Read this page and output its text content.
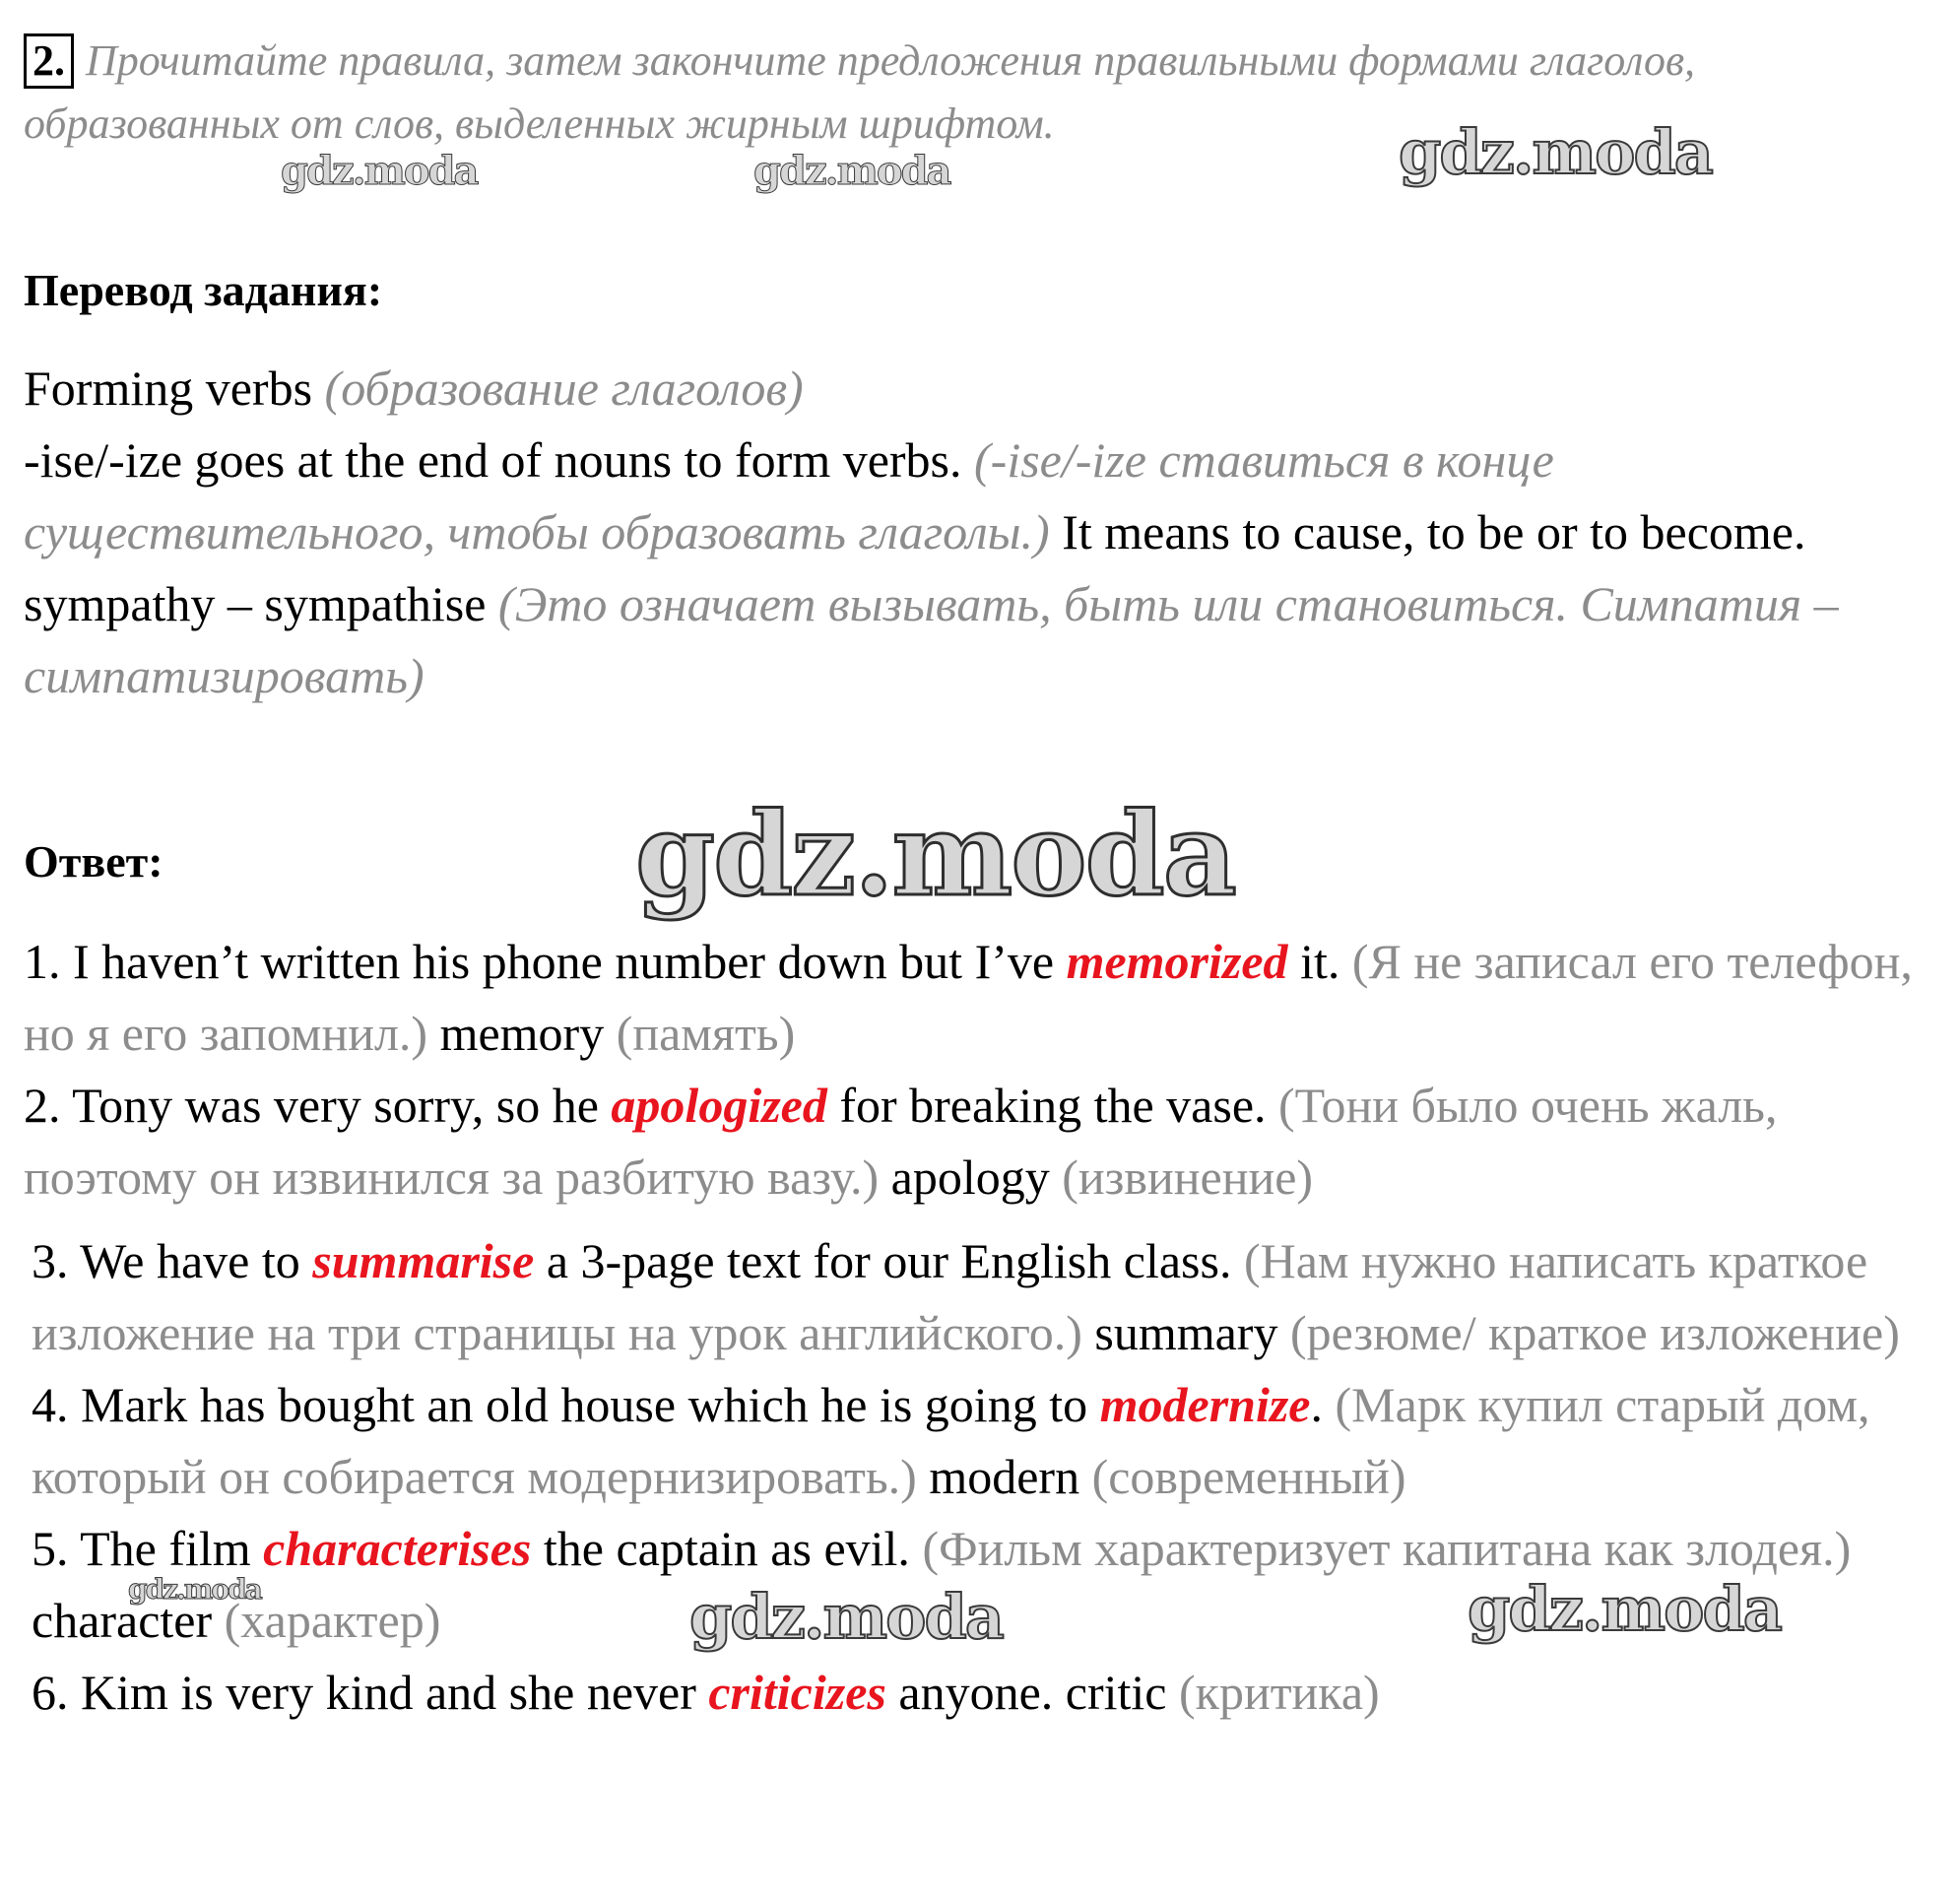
2. Прочитайте правила, затем закончите предложения правильными формами глаголов, образованных от слов, выделенных жирным шрифтом.
Перевод задания:
Forming verbs (образование глаголов)
-ise/-ize goes at the end of nouns to form verbs. (-ise/-ize ставиться в конце существительного, чтобы образовать глаголы.) It means to cause, to be or to become. sympathy – sympathise (Это означает вызывать, быть или становиться. Симпатия – симпатизировать)
Ответ:

1. I haven’t written his phone number down but I’ve memorized it. (Я не записал его телефон, но я его запомнил.) memory (память)

2. Tony was very sorry, so he apologized for breaking the vase. (Тони было очень жаль, поэтому он извинился за разбитую вазу.) apology (извинение)

3. We have to summarise a 3-page text for our English class. (Нам нужно написать краткое изложение на три страницы на урок английского.) summary (резюме/ краткое изложение)

4. Mark has bought an old house which he is going to modernize. (Марк купил старый дом, который он собирается модернизировать.) modern (современный)

5. The film characterises the captain as evil. (Фильм характеризует капитана как злодея.) character (характер)

6. Kim is very kind and she never criticizes anyone. critic (критика)

gdz.moda	gdz.moda	gdz.moda
gdz.moda
gdz.moda	gdz.moda	gdz.moda
